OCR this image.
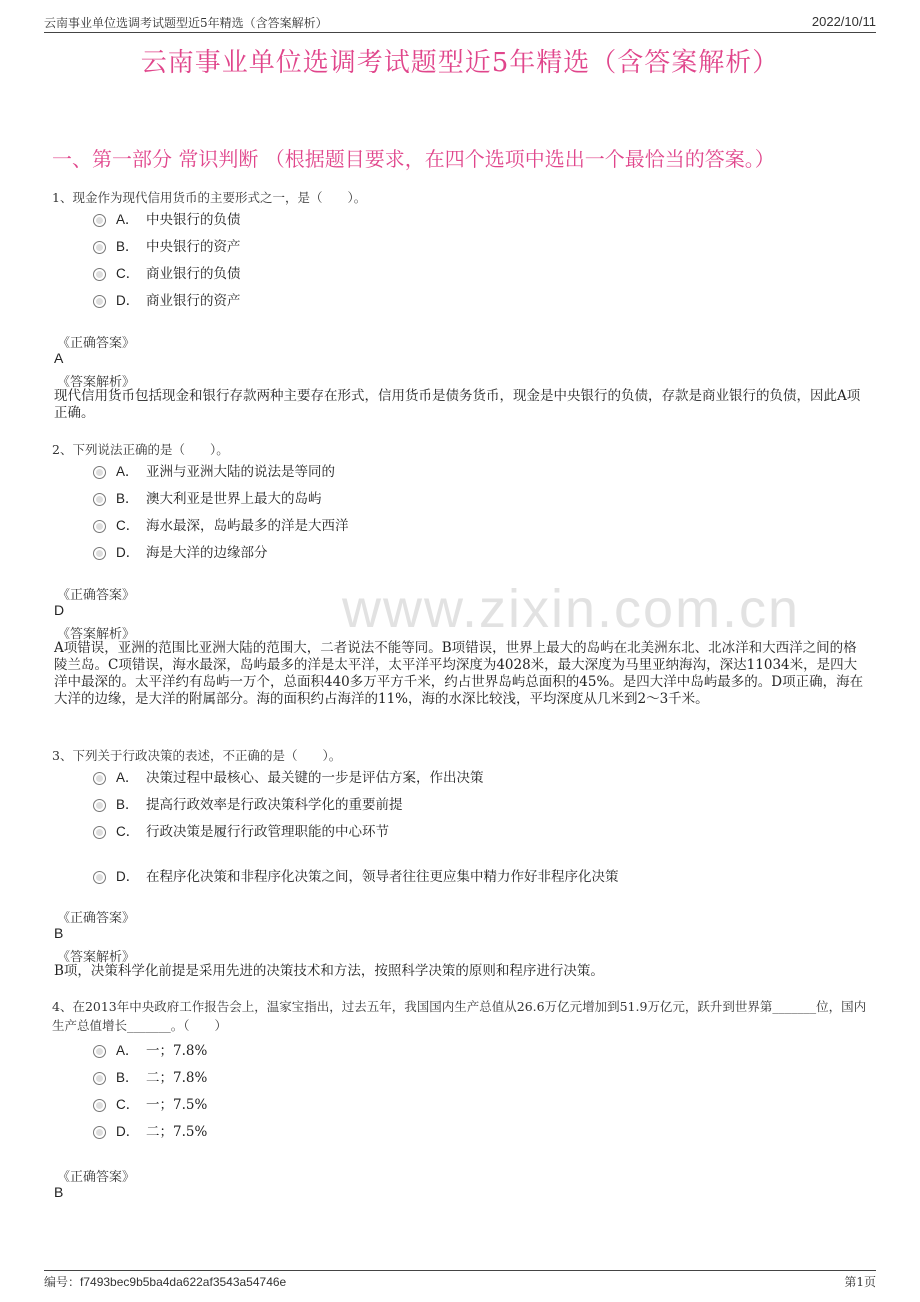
云南事业单位选调考试题型近5年精选（含答案解析）	2022/10/11
云南事业单位选调考试题型近5年精选（含答案解析）
一、第一部分 常识判断 （根据题目要求，在四个选项中选出一个最恰当的答案。）
www.zixin.com.cn
1、现金作为现代信用货币的主要形式之一，是（　　）。
A． 中央银行的负债
B． 中央银行的资产
C． 商业银行的负债
D． 商业银行的资产
《正确答案》
A
《答案解析》
现代信用货币包括现金和银行存款两种主要存在形式，信用货币是债务货币，现金是中央银行的负债，存款是商业银行的负债，因此A项正确。
2、下列说法正确的是（　　）。
A． 亚洲与亚洲大陆的说法是等同的
B． 澳大利亚是世界上最大的岛屿
C． 海水最深，岛屿最多的洋是大西洋
D． 海是大洋的边缘部分
《正确答案》
D
《答案解析》
A项错误，亚洲的范围比亚洲大陆的范围大，二者说法不能等同。B项错误，世界上最大的岛屿在北美洲东北、北冰洋和大西洋之间的格陵兰岛。C项错误，海水最深，岛屿最多的洋是太平洋，太平洋平均深度为4028米，最大深度为马里亚纳海沟，深达11034米，是四大洋中最深的。太平洋约有岛屿一万个，总面积440多万平方千米，约占世界岛屿总面积的45%。是四大洋中岛屿最多的。D项正确，海在大洋的边缘，是大洋的附属部分。海的面积约占海洋的11%，海的水深比较浅，平均深度从几米到2～3千米。
3、下列关于行政决策的表述，不正确的是（　　）。
A． 决策过程中最核心、最关键的一步是评估方案，作出决策
B． 提高行政效率是行政决策科学化的重要前提
C． 行政决策是履行行政管理职能的中心环节
D． 在程序化决策和非程序化决策之间，领导者往往更应集中精力作好非程序化决策
《正确答案》
B
《答案解析》
B项，决策科学化前提是采用先进的决策技术和方法，按照科学决策的原则和程序进行决策。
4、在2013年中央政府工作报告会上，温家宝指出，过去五年，我国国内生产总值从26.6万亿元增加到51.9万亿元，跃升到世界第_______位，国内生产总值增长_______。（　　）
A． 一；7.8%
B． 二；7.8%
C． 一；7.5%
D． 二；7.5%
《正确答案》
B
编号：f7493bec9b5ba4da622af3543a54746e	第1页
